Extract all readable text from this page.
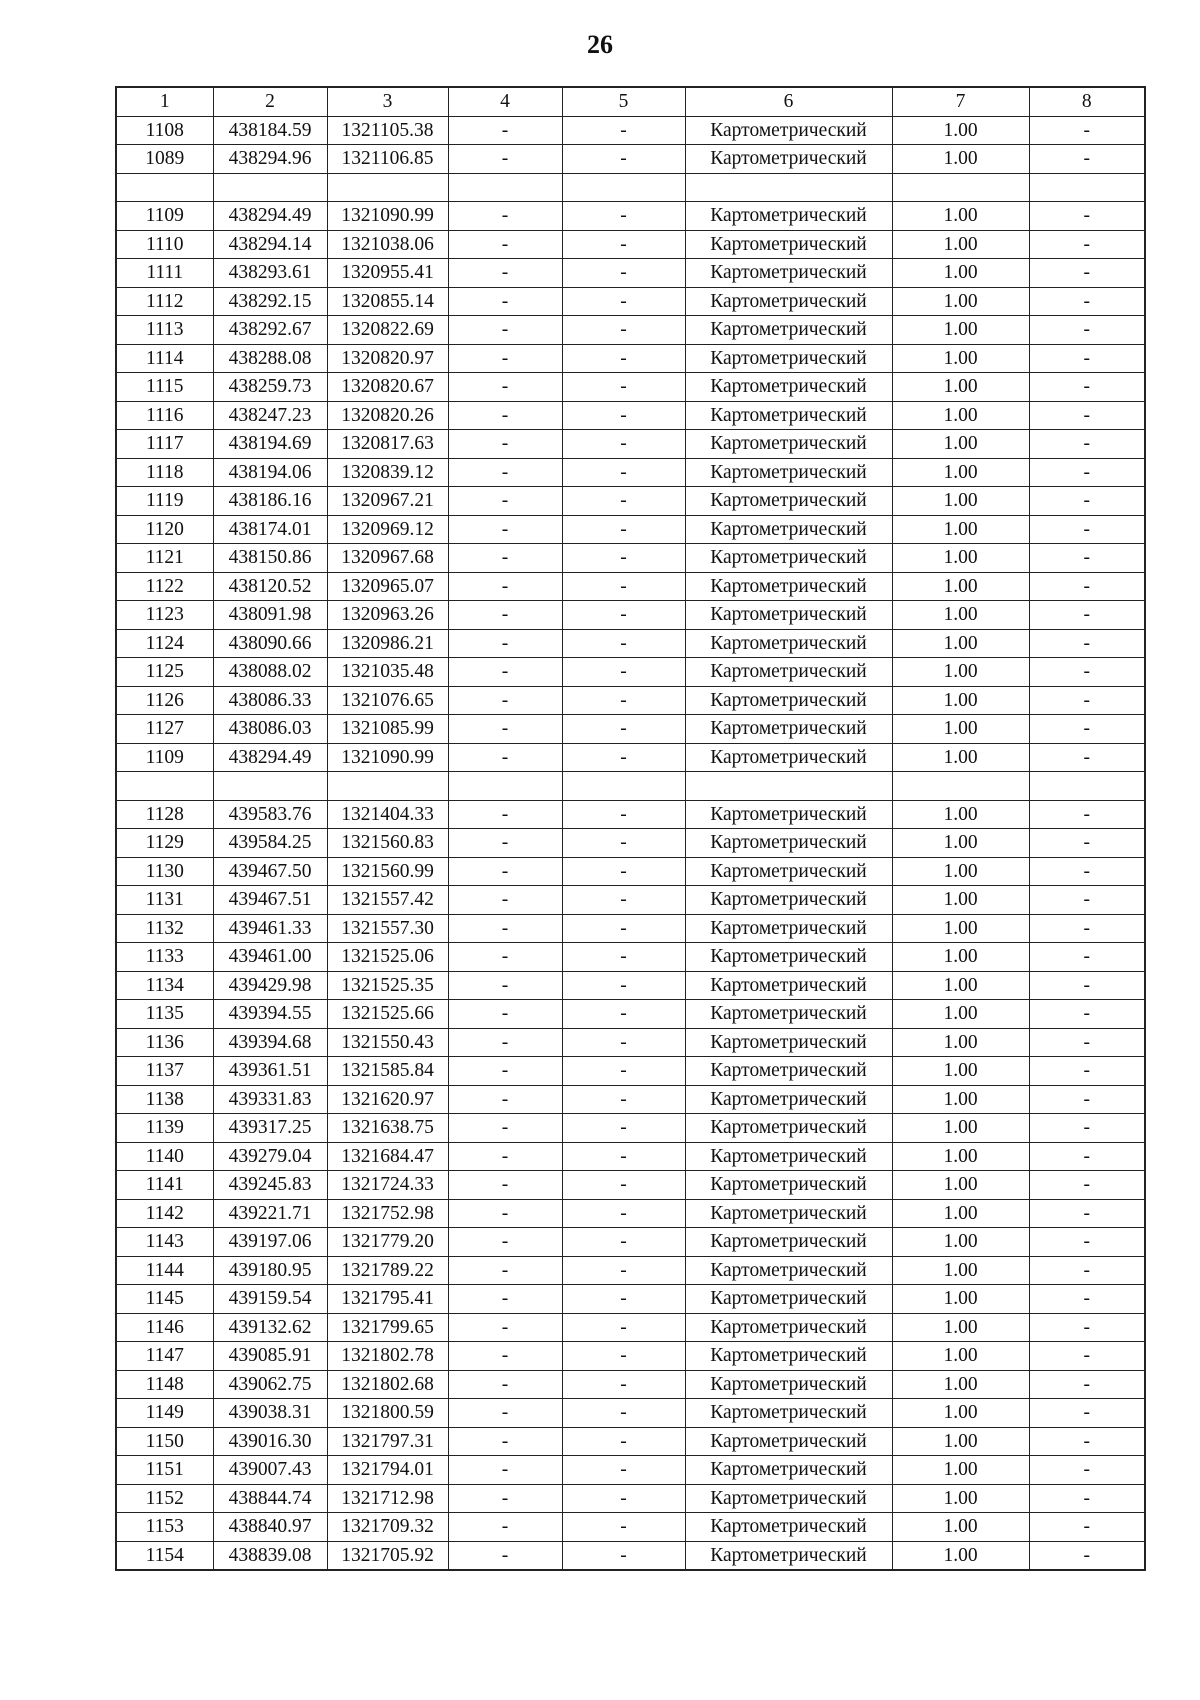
26
1	2	3	4	5	6	7	8
1108	438184.59	1321105.38	-	-	Картометрический	1.00	-
1089	438294.96	1321106.85	-	-	Картометрический	1.00	-

1109	438294.49	1321090.99	-	-	Картометрический	1.00	-
1110	438294.14	1321038.06	-	-	Картометрический	1.00	-
1111	438293.61	1320955.41	-	-	Картометрический	1.00	-
1112	438292.15	1320855.14	-	-	Картометрический	1.00	-
1113	438292.67	1320822.69	-	-	Картометрический	1.00	-
1114	438288.08	1320820.97	-	-	Картометрический	1.00	-
1115	438259.73	1320820.67	-	-	Картометрический	1.00	-
1116	438247.23	1320820.26	-	-	Картометрический	1.00	-
1117	438194.69	1320817.63	-	-	Картометрический	1.00	-
1118	438194.06	1320839.12	-	-	Картометрический	1.00	-
1119	438186.16	1320967.21	-	-	Картометрический	1.00	-
1120	438174.01	1320969.12	-	-	Картометрический	1.00	-
1121	438150.86	1320967.68	-	-	Картометрический	1.00	-
1122	438120.52	1320965.07	-	-	Картометрический	1.00	-
1123	438091.98	1320963.26	-	-	Картометрический	1.00	-
1124	438090.66	1320986.21	-	-	Картометрический	1.00	-
1125	438088.02	1321035.48	-	-	Картометрический	1.00	-
1126	438086.33	1321076.65	-	-	Картометрический	1.00	-
1127	438086.03	1321085.99	-	-	Картометрический	1.00	-
1109	438294.49	1321090.99	-	-	Картометрический	1.00	-

1128	439583.76	1321404.33	-	-	Картометрический	1.00	-
1129	439584.25	1321560.83	-	-	Картометрический	1.00	-
1130	439467.50	1321560.99	-	-	Картометрический	1.00	-
1131	439467.51	1321557.42	-	-	Картометрический	1.00	-
1132	439461.33	1321557.30	-	-	Картометрический	1.00	-
1133	439461.00	1321525.06	-	-	Картометрический	1.00	-
1134	439429.98	1321525.35	-	-	Картометрический	1.00	-
1135	439394.55	1321525.66	-	-	Картометрический	1.00	-
1136	439394.68	1321550.43	-	-	Картометрический	1.00	-
1137	439361.51	1321585.84	-	-	Картометрический	1.00	-
1138	439331.83	1321620.97	-	-	Картометрический	1.00	-
1139	439317.25	1321638.75	-	-	Картометрический	1.00	-
1140	439279.04	1321684.47	-	-	Картометрический	1.00	-
1141	439245.83	1321724.33	-	-	Картометрический	1.00	-
1142	439221.71	1321752.98	-	-	Картометрический	1.00	-
1143	439197.06	1321779.20	-	-	Картометрический	1.00	-
1144	439180.95	1321789.22	-	-	Картометрический	1.00	-
1145	439159.54	1321795.41	-	-	Картометрический	1.00	-
1146	439132.62	1321799.65	-	-	Картометрический	1.00	-
1147	439085.91	1321802.78	-	-	Картометрический	1.00	-
1148	439062.75	1321802.68	-	-	Картометрический	1.00	-
1149	439038.31	1321800.59	-	-	Картометрический	1.00	-
1150	439016.30	1321797.31	-	-	Картометрический	1.00	-
1151	439007.43	1321794.01	-	-	Картометрический	1.00	-
1152	438844.74	1321712.98	-	-	Картометрический	1.00	-
1153	438840.97	1321709.32	-	-	Картометрический	1.00	-
1154	438839.08	1321705.92	-	-	Картометрический	1.00	-
